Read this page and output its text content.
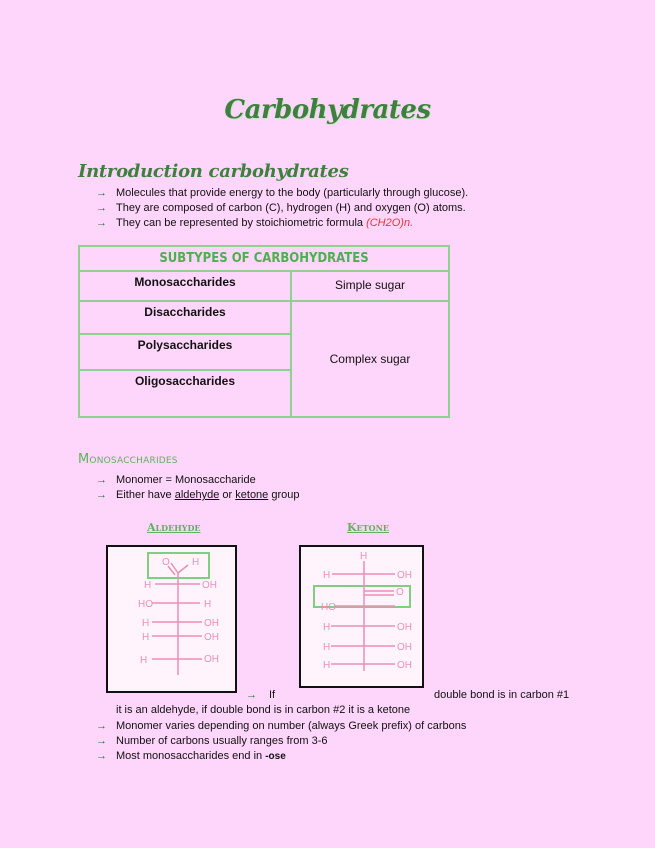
Carbohydrates
Introduction carbohydrates
→ Molecules that provide energy to the body (particularly through glucose).
→ They are composed of carbon (C), hydrogen (H) and oxygen (O) atoms.
→ They can be represented by stoichiometric formula (CH2O)n.
SUBTYPES OF CARBOHYDRATES
Monosaccharides	Simple sugar
Disaccharides
Polysaccharides
Oligosaccharides
Complex sugar
Monosaccharides
→ Monomer = Monosaccharide
→ Either have aldehyde or ketone group
Aldehyde	Ketone
O H
H	OH
HO	H
H	OH
H	OH
H	OH
H
H	OH
O
HO
H	OH
H	OH
H	OH
→ If	double bond is in carbon #1
it is an aldehyde, if double bond is in carbon #2 it is a ketone
→ Monomer varies depending on number (always Greek prefix) of carbons
→ Number of carbons usually ranges from 3-6
→ Most monosaccharides end in -ose
